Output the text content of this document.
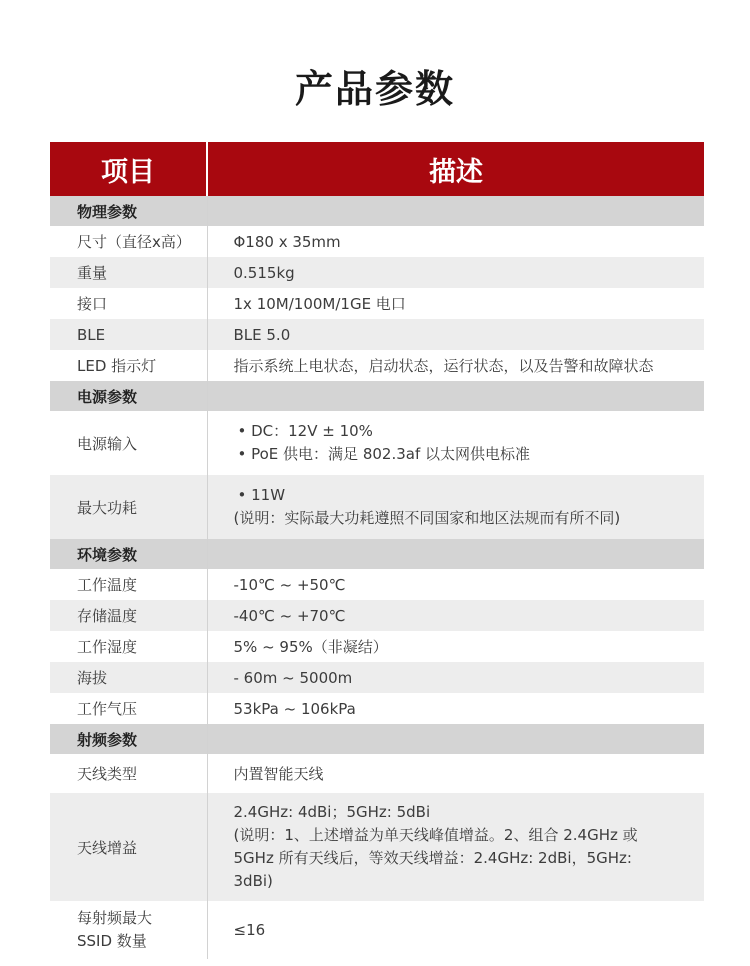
产品参数
项目	描述
物理参数	
尺寸（直径x高）	Φ180 x 35mm
重量	0.515kg
接口	1x 10M/100M/1GE 电口
BLE	BLE 5.0
LED 指示灯	指示系统上电状态，启动状态，运行状态，以及告警和故障状态
电源参数	
电源输入	• DC：12V ± 10%
• PoE 供电：满足 802.3af 以太网供电标准

最大功耗	• 11W
(说明：实际最大功耗遵照不同国家和地区法规而有所不同)

环境参数	
工作温度	-10℃ ~ +50℃
存储温度	-40℃ ~ +70℃
工作湿度	5% ~ 95%（非凝结）
海拔	- 60m ~ 5000m
工作气压	53kPa ~ 106kPa
射频参数	
天线类型	内置智能天线
天线增益	2.4GHz: 4dBi；5GHz: 5dBi
(说明：1、上述增益为单天线峰值增益。2、组合 2.4GHz 或
5GHz 所有天线后，等效天线增益：2.4GHz: 2dBi，5GHz:
3dBi)

每射频最大
SSID 数量	≤16
